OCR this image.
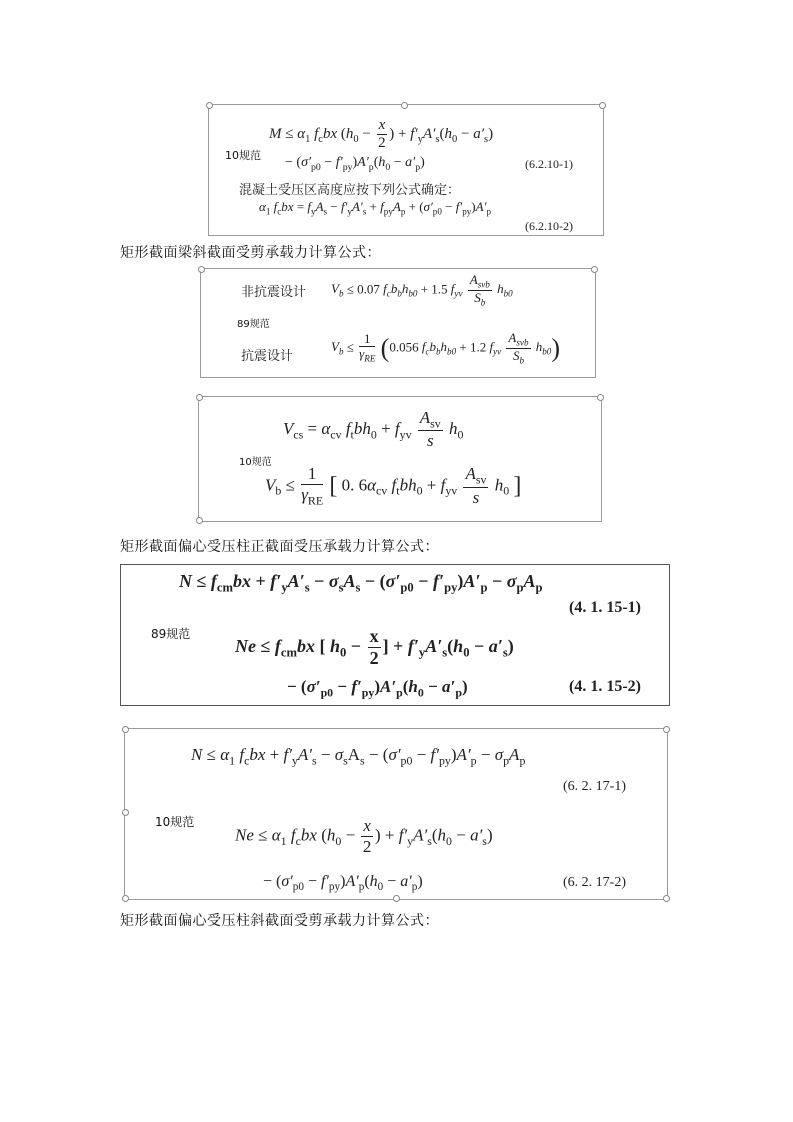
$M \le \alpha_1$ $f_cbx$ ($h_0 - \frac{x}{2}$ ) + $f'_yA'_s(h_0 - a'_s)$
10规范 − $(\sigma'_{p0} - f'_{py})A'_p(h_0 - a'_p)$	(6.2.10-1)
混凝土受压区高度应按下列公式确定：
$\alpha_1$ $f_cbx = f_yA_s - f'_yA'_s + f_{py}A_p + (\sigma'_{p0} - f'_{py})A'_p$
(6.2.10-2)
矩形截面梁斜截面受剪承载力计算公式：
非抗震设计 $V_b \le 0.07$ $f_cb_bh_{b0} + 1.5$ $f_{yv} \frac{A_{svb}}{S_b} h_{b0}$
89规范
抗震设计
$V_b \le \frac{1}{\gamma_{RE}} (0.056$ $f_cb_bh_{b0} + 1.2$ $f_{yv} \frac{A_{svb}}{S_b} h_{b0}$)
$V_{cs} = \alpha_{cv}$ $f_tbh_0 + f_{yv} \frac{A_{sv}}{s} h_0$
10规范
$V_b \le \frac{1}{\gamma_{RE}}$ [ 0. $6\alpha_{cv}$ $f_tbh_0 + f_{yv} \frac{A_{sv}}{s} h_0$ ]
矩形截面偏心受压柱正截面受压承载力计算公式：
$N \le f_{cm}bx + f'_yA'_s - \sigma_sA_s - (\sigma'_{p0} - f'_{py})A'_p - \sigma_pA_p$
(4. 1. 15-1)
89规范
$Ne \le f_{cm}bx$ [ $h_0 - \frac{x}{2}$ ] + $f'_yA'_s(h_0 - a'_s)$
− $(\sigma'_{p0} - f'_{py})A'_p(h_0 - a'_p)$	(4. 1. 15-2)
$N \le \alpha_1$ $f_cbx + f'_yA'_s - \sigma_sA_s - (\sigma'_{p0} - f'_{py})A'_p - \sigma_pA_p$
(6. 2. 17-1)
10规范
$Ne \le \alpha_1$ $f_cbx$ ($h_0 - \frac{x}{2}$ ) + $f'_yA'_s(h_0 - a'_s)$
− $(\sigma'_{p0} - f'_{py})A'_p(h_0 - a'_p)$	(6. 2. 17-2)
矩形截面偏心受压柱斜截面受剪承载力计算公式：
